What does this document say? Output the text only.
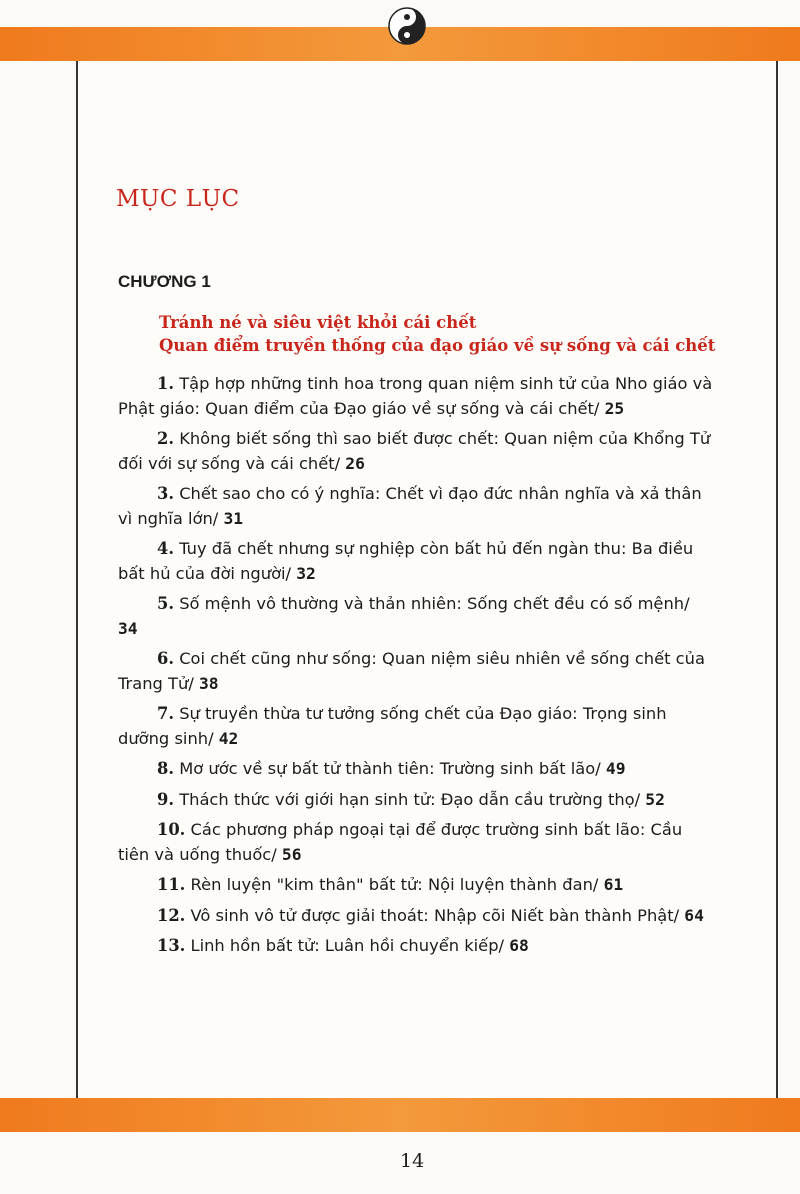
MỤC LỤC
CHƯƠNG 1
Tránh né và siêu việt khỏi cái chết
Quan điểm truyền thống của đạo giáo về sự sống và cái chết
1. Tập hợp những tinh hoa trong quan niệm sinh tử của Nho giáo và Phật giáo: Quan điểm của Đạo giáo về sự sống và cái chết/ 25
2. Không biết sống thì sao biết được chết: Quan niệm của Khổng Tử đối với sự sống và cái chết/ 26
3. Chết sao cho có ý nghĩa: Chết vì đạo đức nhân nghĩa và xả thân vì nghĩa lớn/ 31
4. Tuy đã chết nhưng sự nghiệp còn bất hủ đến ngàn thu: Ba điều bất hủ của đời người/ 32
5. Số mệnh vô thường và thản nhiên: Sống chết đều có số mệnh/ 34
6. Coi chết cũng như sống: Quan niệm siêu nhiên về sống chết của Trang Tử/ 38
7. Sự truyền thừa tư tưởng sống chết của Đạo giáo: Trọng sinh dưỡng sinh/ 42
8. Mơ ước về sự bất tử thành tiên: Trường sinh bất lão/ 49
9. Thách thức với giới hạn sinh tử: Đạo dẫn cầu trường thọ/ 52
10. Các phương pháp ngoại tại để được trường sinh bất lão: Cầu tiên và uống thuốc/ 56
11. Rèn luyện "kim thân" bất tử: Nội luyện thành đan/ 61
12. Vô sinh vô tử được giải thoát: Nhập cõi Niết bàn thành Phật/ 64
13. Linh hồn bất tử: Luân hồi chuyển kiếp/ 68
14
